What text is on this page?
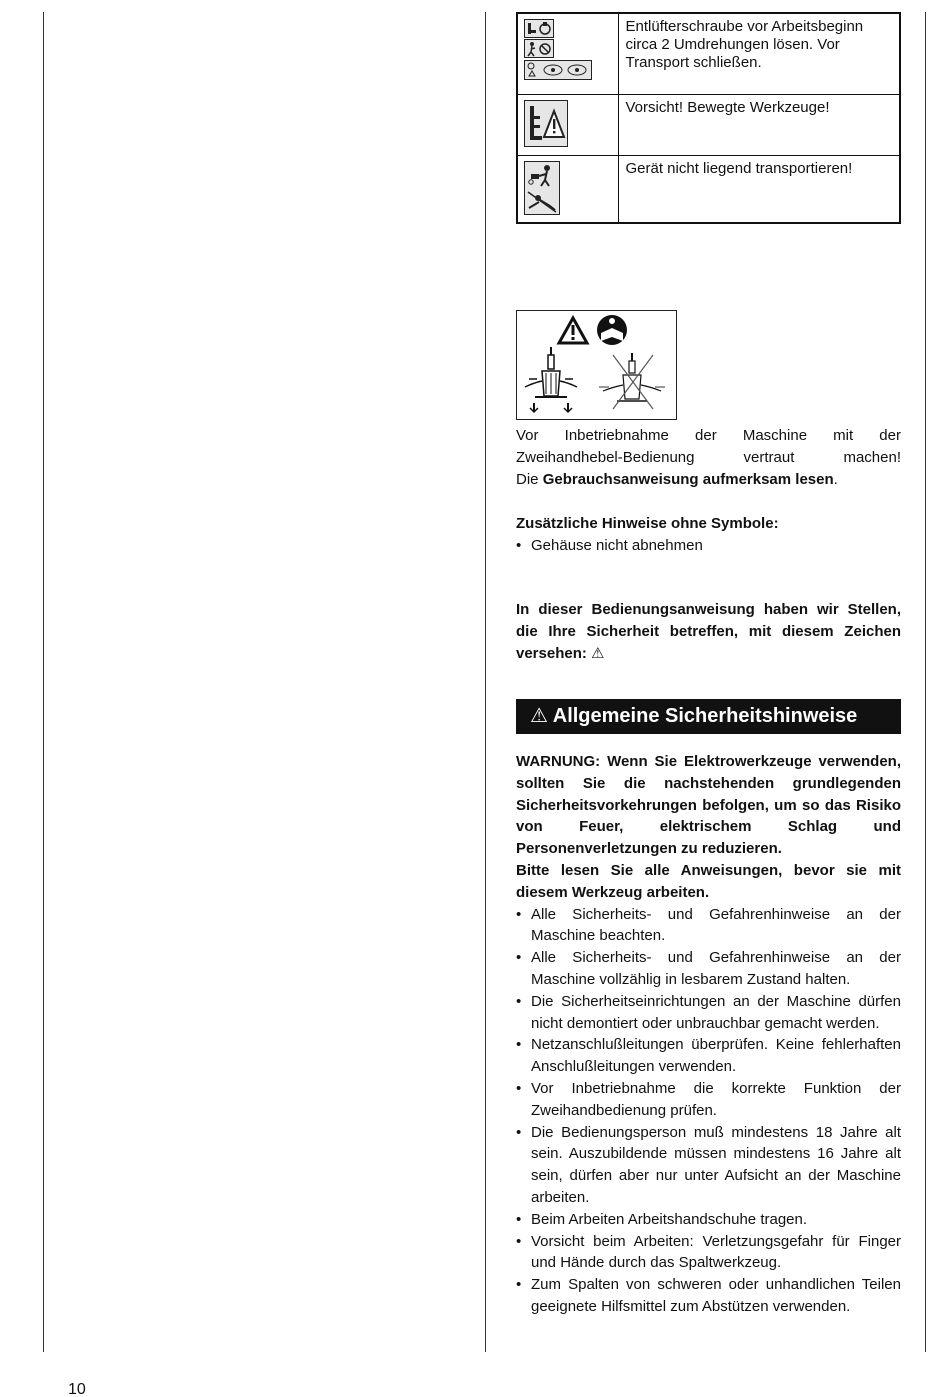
	Entlüfterschraube vor Arbeitsbeginn circa 2 Umdrehungen lösen. Vor Transport schließen.
	Vorsicht! Bewegte Werkzeuge!
	Gerät nicht liegend transportieren!

Vor Inbetriebnahme der Maschine mit der Zweihandhebel-Bedienung vertraut machen!

Die Gebrauchsanweisung aufmerksam lesen.

Zusätzliche Hinweise ohne Symbole:

• Gehäuse nicht abnehmen

In dieser Bedienungsanweisung haben wir Stellen, die Ihre Sicherheit betreffen, mit diesem Zeichen versehen: ⚠

⚠ Allgemeine Sicherheitshinweise

WARNUNG: Wenn Sie Elektrowerkzeuge verwenden, sollten Sie die nachstehenden grundlegenden Sicherheitsvorkehrungen befolgen, um so das Risiko von Feuer, elektrischem Schlag und Personenverletzungen zu reduzieren.

Bitte lesen Sie alle Anweisungen, bevor sie mit diesem Werkzeug arbeiten.

• Alle Sicherheits- und Gefahrenhinweise an der Maschine beachten.
• Alle Sicherheits- und Gefahrenhinweise an der Maschine vollzählig in lesbarem Zustand halten.
• Die Sicherheitseinrichtungen an der Maschine dürfen nicht demontiert oder unbrauchbar gemacht werden.
• Netzanschlußleitungen überprüfen. Keine fehlerhaften Anschlußleitungen verwenden.
• Vor Inbetriebnahme die korrekte Funktion der Zweihandbedienung prüfen.
• Die Bedienungsperson muß mindestens 18 Jahre alt sein. Auszubildende müssen mindestens 16 Jahre alt sein, dürfen aber nur unter Aufsicht an der Maschine arbeiten.
• Beim Arbeiten Arbeitshandschuhe tragen.
• Vorsicht beim Arbeiten: Verletzungsgefahr für Finger und Hände durch das Spaltwerkzeug.
• Zum Spalten von schweren oder unhandlichen Teilen geeignete Hilfsmittel zum Abstützen verwenden.
10
